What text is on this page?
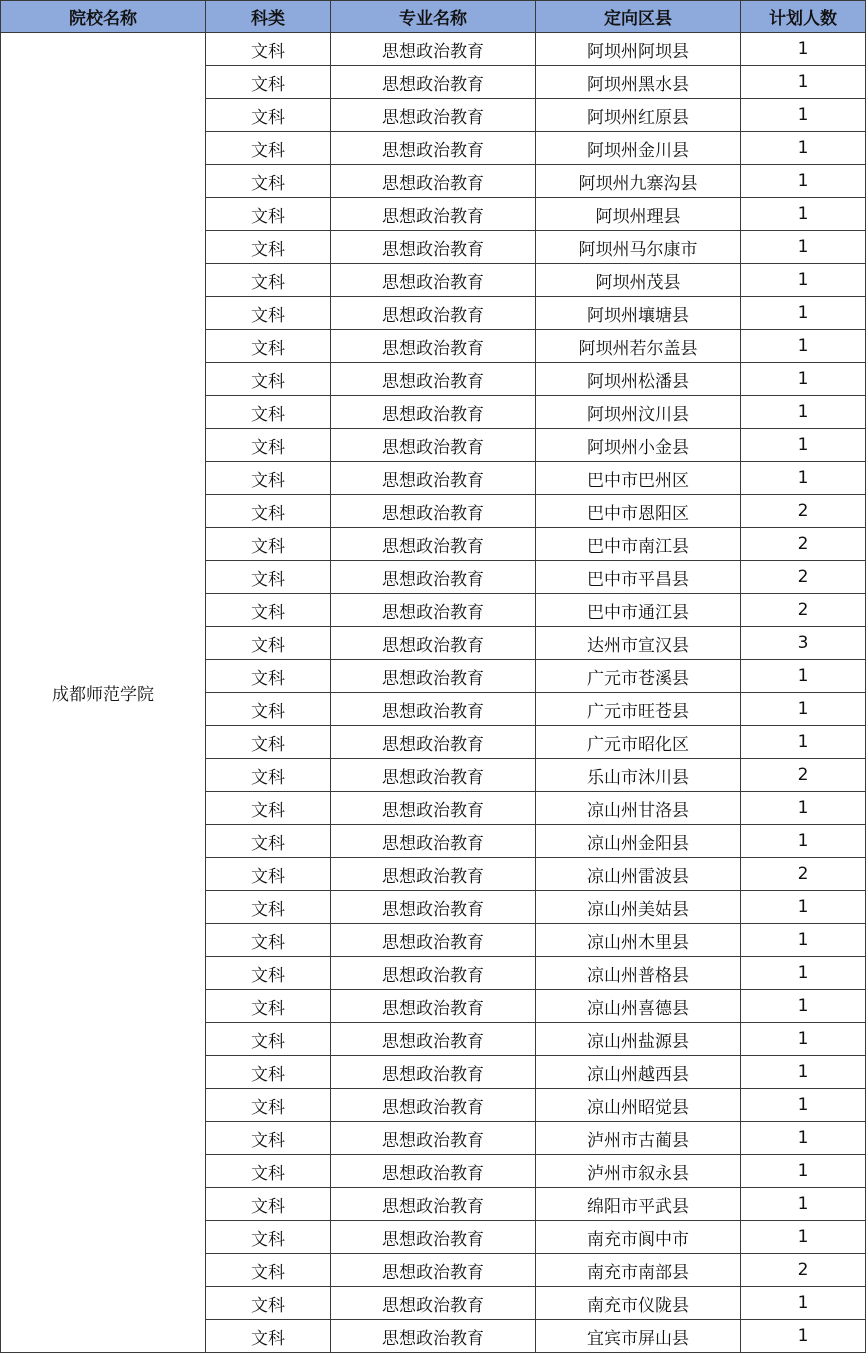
院校名称	科类	专业名称	定向区县	计划人数
成都师范学院	文科	思想政治教育	阿坝州阿坝县	1
	文科	思想政治教育	阿坝州黑水县	1
	文科	思想政治教育	阿坝州红原县	1
	文科	思想政治教育	阿坝州金川县	1
	文科	思想政治教育	阿坝州九寨沟县	1
	文科	思想政治教育	阿坝州理县	1
	文科	思想政治教育	阿坝州马尔康市	1
	文科	思想政治教育	阿坝州茂县	1
	文科	思想政治教育	阿坝州壤塘县	1
	文科	思想政治教育	阿坝州若尔盖县	1
	文科	思想政治教育	阿坝州松潘县	1
	文科	思想政治教育	阿坝州汶川县	1
	文科	思想政治教育	阿坝州小金县	1
	文科	思想政治教育	巴中市巴州区	1
	文科	思想政治教育	巴中市恩阳区	2
	文科	思想政治教育	巴中市南江县	2
	文科	思想政治教育	巴中市平昌县	2
	文科	思想政治教育	巴中市通江县	2
	文科	思想政治教育	达州市宣汉县	3
	文科	思想政治教育	广元市苍溪县	1
	文科	思想政治教育	广元市旺苍县	1
	文科	思想政治教育	广元市昭化区	1
	文科	思想政治教育	乐山市沐川县	2
	文科	思想政治教育	凉山州甘洛县	1
	文科	思想政治教育	凉山州金阳县	1
	文科	思想政治教育	凉山州雷波县	2
	文科	思想政治教育	凉山州美姑县	1
	文科	思想政治教育	凉山州木里县	1
	文科	思想政治教育	凉山州普格县	1
	文科	思想政治教育	凉山州喜德县	1
	文科	思想政治教育	凉山州盐源县	1
	文科	思想政治教育	凉山州越西县	1
	文科	思想政治教育	凉山州昭觉县	1
	文科	思想政治教育	泸州市古蔺县	1
	文科	思想政治教育	泸州市叙永县	1
	文科	思想政治教育	绵阳市平武县	1
	文科	思想政治教育	南充市阆中市	1
	文科	思想政治教育	南充市南部县	2
	文科	思想政治教育	南充市仪陇县	1
	文科	思想政治教育	宜宾市屏山县	1
